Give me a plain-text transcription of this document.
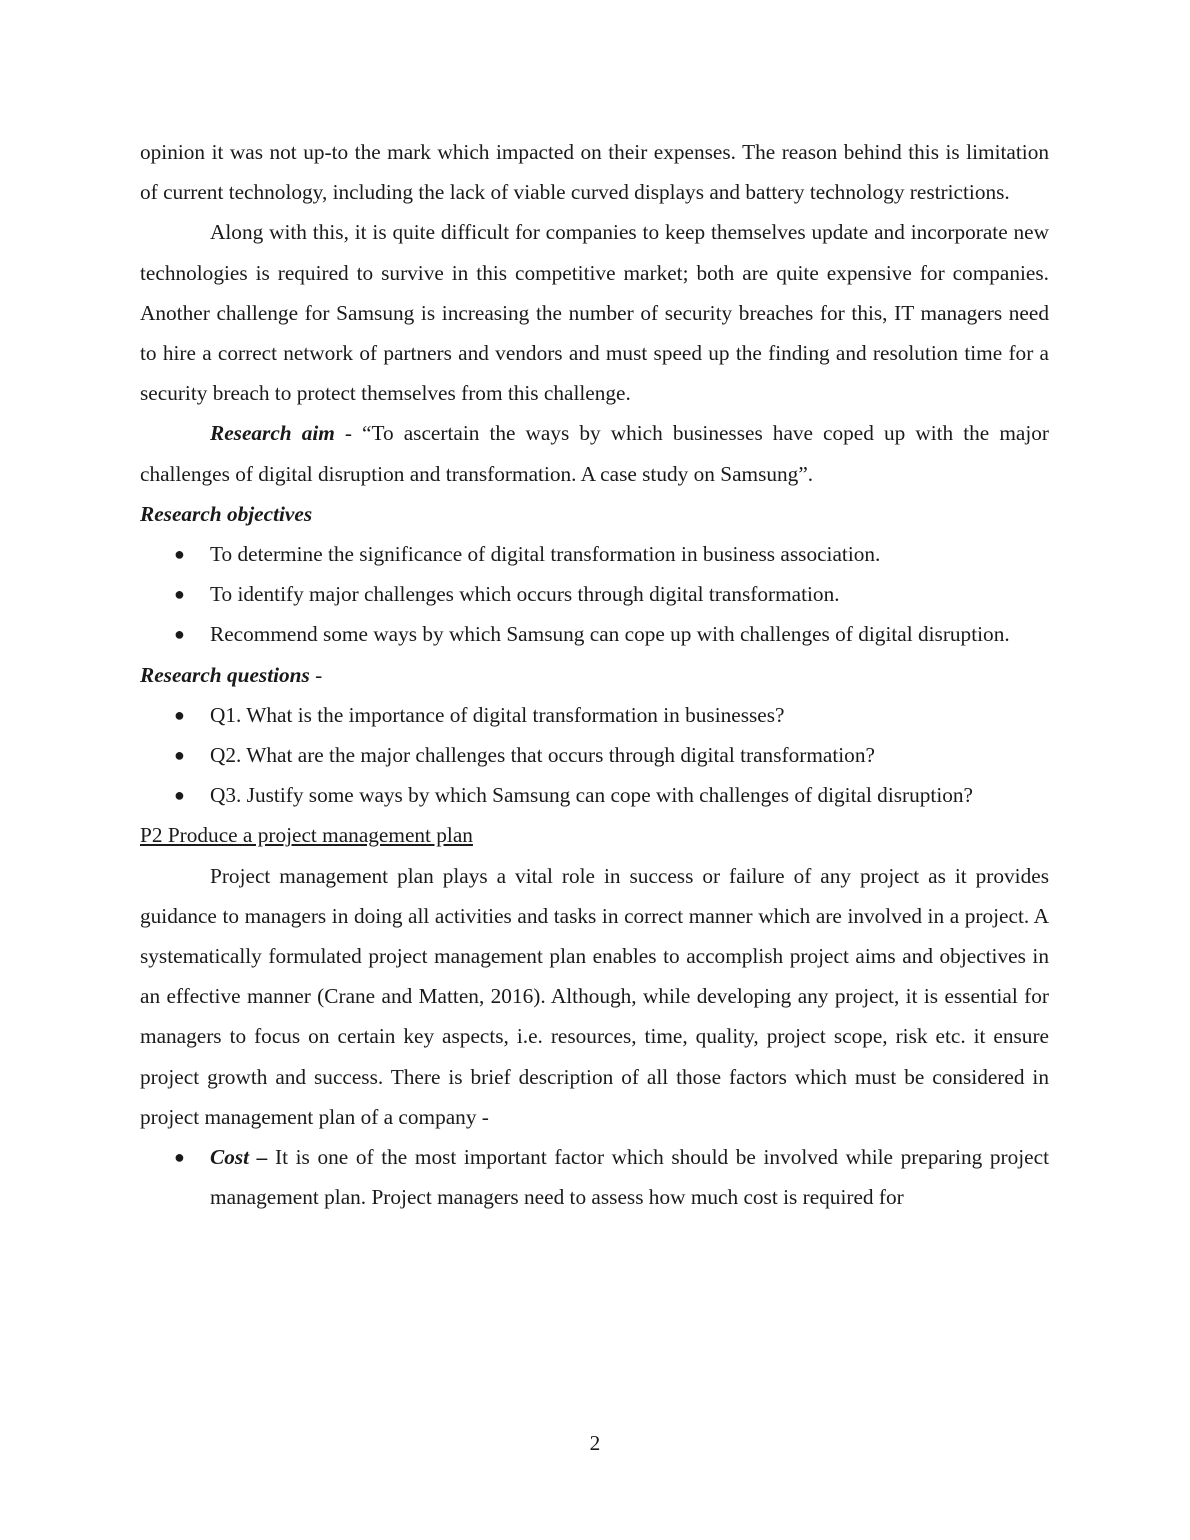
opinion it was not up-to the mark which impacted on their expenses. The reason behind this is limitation of current technology, including the lack of viable curved displays and battery technology restrictions.

Along with this, it is quite difficult for companies to keep themselves update and incorporate new technologies is required to survive in this competitive market; both are quite expensive for companies. Another challenge for Samsung is increasing the number of security breaches for this, IT managers need to hire a correct network of partners and vendors and must speed up the finding and resolution time for a security breach to protect themselves from this challenge.

Research aim - “To ascertain the ways by which businesses have coped up with the major challenges of digital disruption and transformation. A case study on Samsung”.

Research objectives

● To determine the significance of digital transformation in business association.
● To identify major challenges which occurs through digital transformation.
● Recommend some ways by which Samsung can cope up with challenges of digital disruption.

Research questions -

● Q1. What is the importance of digital transformation in businesses?
● Q2. What are the major challenges that occurs through digital transformation?
● Q3. Justify some ways by which Samsung can cope with challenges of digital disruption?

P2 Produce a project management plan

Project management plan plays a vital role in success or failure of any project as it provides guidance to managers in doing all activities and tasks in correct manner which are involved in a project. A systematically formulated project management plan enables to accomplish project aims and objectives in an effective manner (Crane and Matten, 2016). Although, while developing any project, it is essential for managers to focus on certain key aspects, i.e. resources, time, quality, project scope, risk etc. it ensure project growth and success. There is brief description of all those factors which must be considered in project management plan of a company -

● Cost – It is one of the most important factor which should be involved while preparing project management plan. Project managers need to assess how much cost is required for
2
